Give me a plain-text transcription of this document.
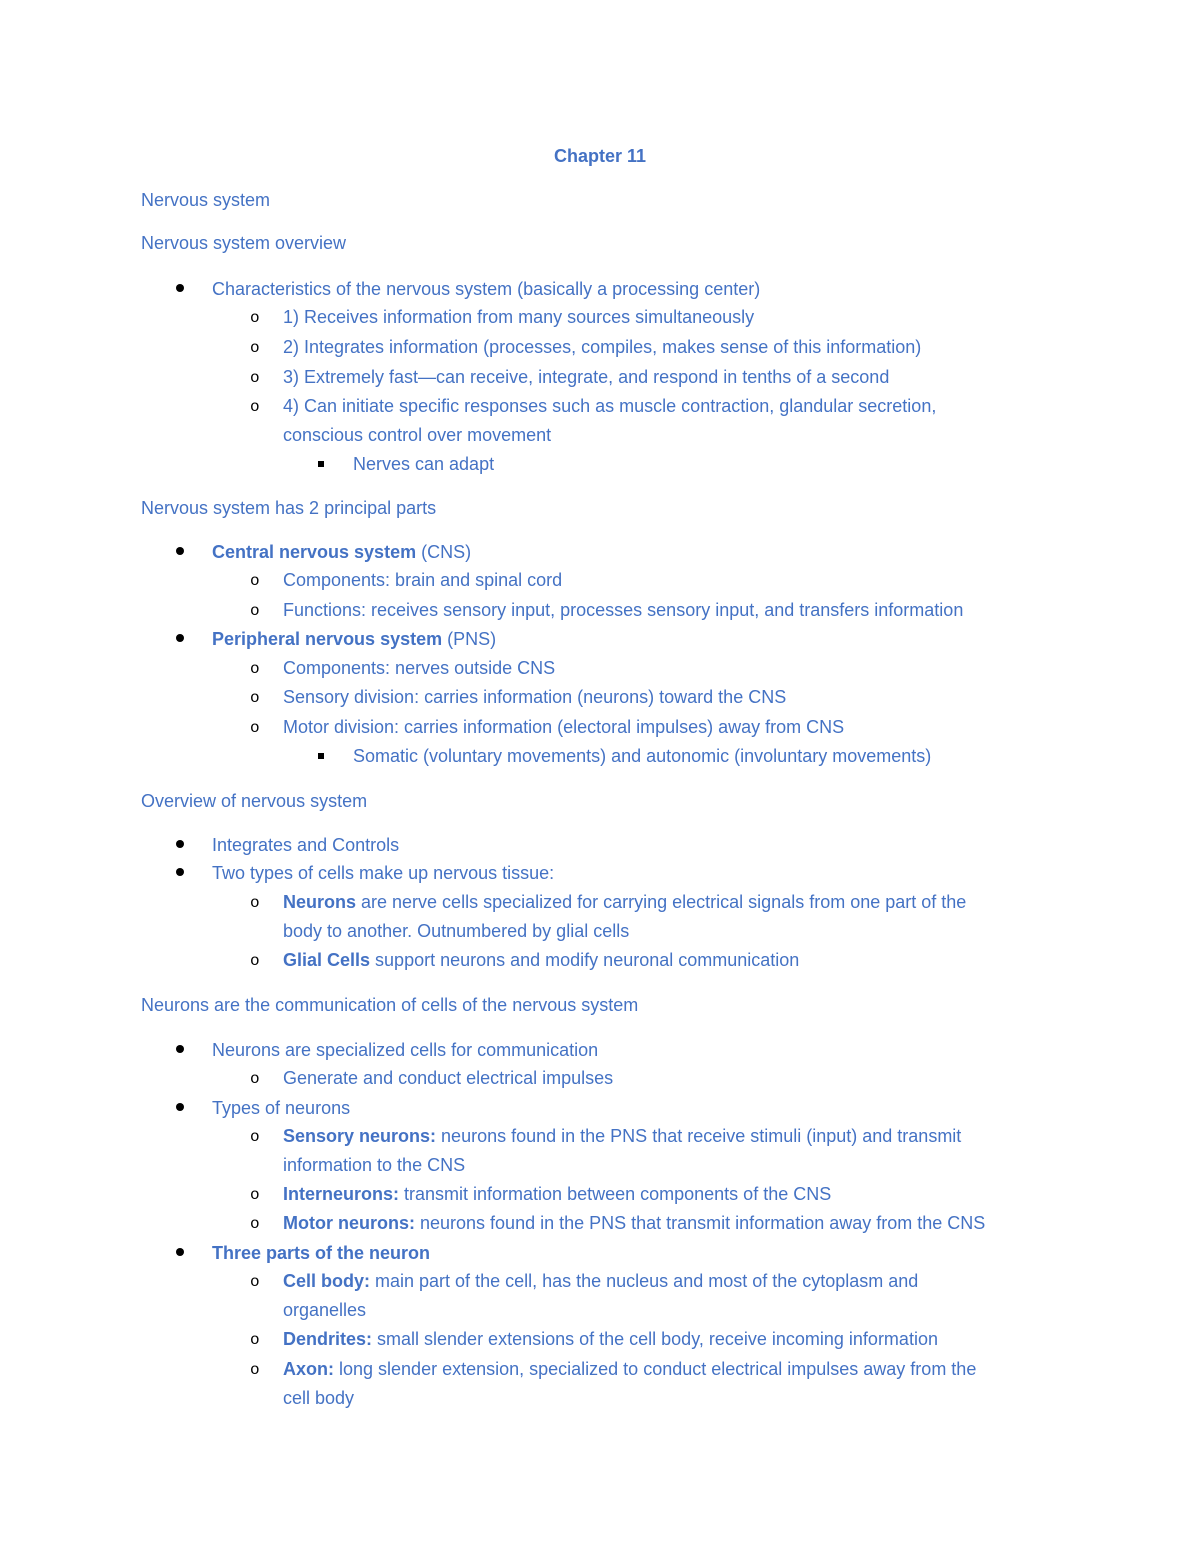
Chapter 11
Nervous system
Nervous system overview
Characteristics of the nervous system (basically a processing center)
o 1) Receives information from many sources simultaneously
o 2) Integrates information (processes, compiles, makes sense of this information)
o 3) Extremely fast—can receive, integrate, and respond in tenths of a second
o 4) Can initiate specific responses such as muscle contraction, glandular secretion,
conscious control over movement
Nerves can adapt
Nervous system has 2 principal parts
Central nervous system (CNS)
o Components: brain and spinal cord
o Functions: receives sensory input, processes sensory input, and transfers information
Peripheral nervous system (PNS)
o Components: nerves outside CNS
o Sensory division: carries information (neurons) toward the CNS
o Motor division: carries information (electoral impulses) away from CNS
Somatic (voluntary movements) and autonomic (involuntary movements)
Overview of nervous system
Integrates and Controls
Two types of cells make up nervous tissue:
o Neurons are nerve cells specialized for carrying electrical signals from one part of the
body to another. Outnumbered by glial cells
o Glial Cells support neurons and modify neuronal communication
Neurons are the communication of cells of the nervous system
Neurons are specialized cells for communication
o Generate and conduct electrical impulses
Types of neurons
o Sensory neurons: neurons found in the PNS that receive stimuli (input) and transmit
information to the CNS
o Interneurons: transmit information between components of the CNS
o Motor neurons: neurons found in the PNS that transmit information away from the CNS
Three parts of the neuron
o Cell body: main part of the cell, has the nucleus and most of the cytoplasm and
organelles
o Dendrites: small slender extensions of the cell body, receive incoming information
o Axon: long slender extension, specialized to conduct electrical impulses away from the
cell body
